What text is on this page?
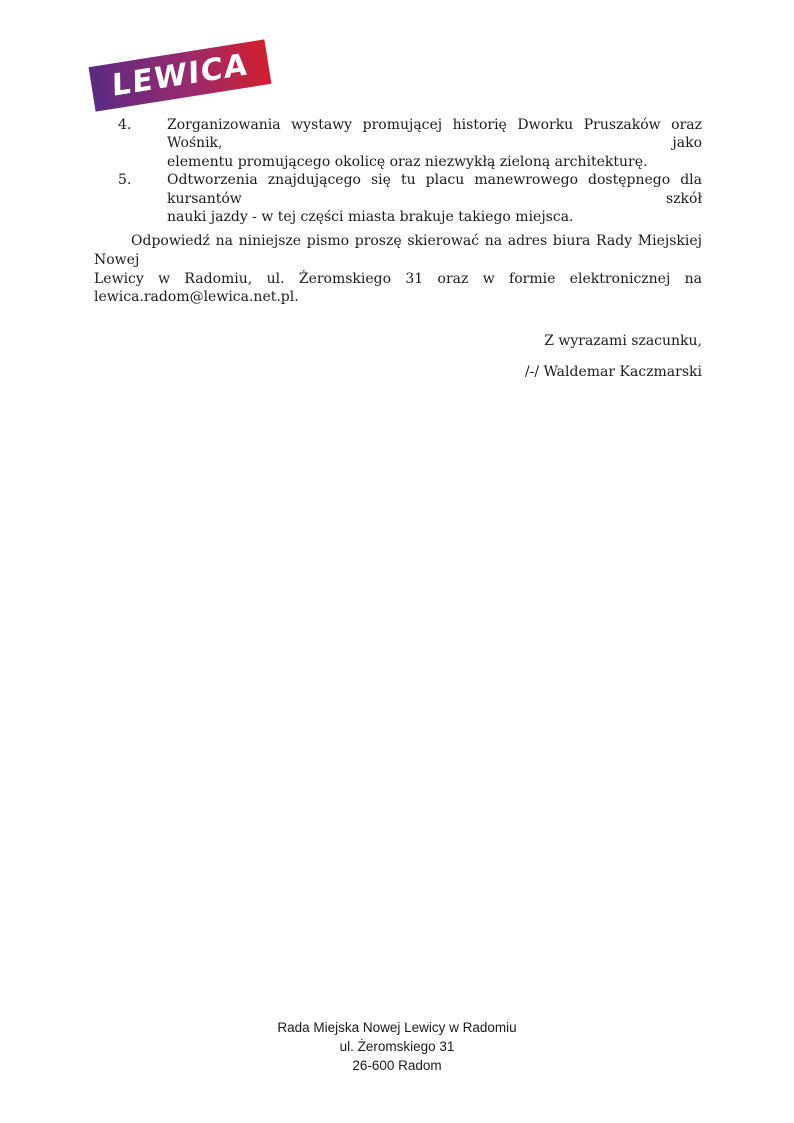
LEWICA
4.	Zorganizowania wystawy promującej historię Dworku Pruszaków oraz Wośnik, jako
elementu promującego okolicę oraz niezwykłą zieloną architekturę.
5.	Odtworzenia znajdującego się tu placu manewrowego dostępnego dla kursantów szkół
nauki jazdy - w tej części miasta brakuje takiego miejsca.
Odpowiedź na niniejsze pismo proszę skierować na adres biura Rady Miejskiej Nowej
Lewicy w Radomiu, ul. Żeromskiego 31 oraz w formie elektronicznej na
lewica.radom@lewica.net.pl.
Z wyrazami szacunku,
/-/ Waldemar Kaczmarski
Rada Miejska Nowej Lewicy w Radomiu
ul. Żeromskiego 31
26-600 Radom
